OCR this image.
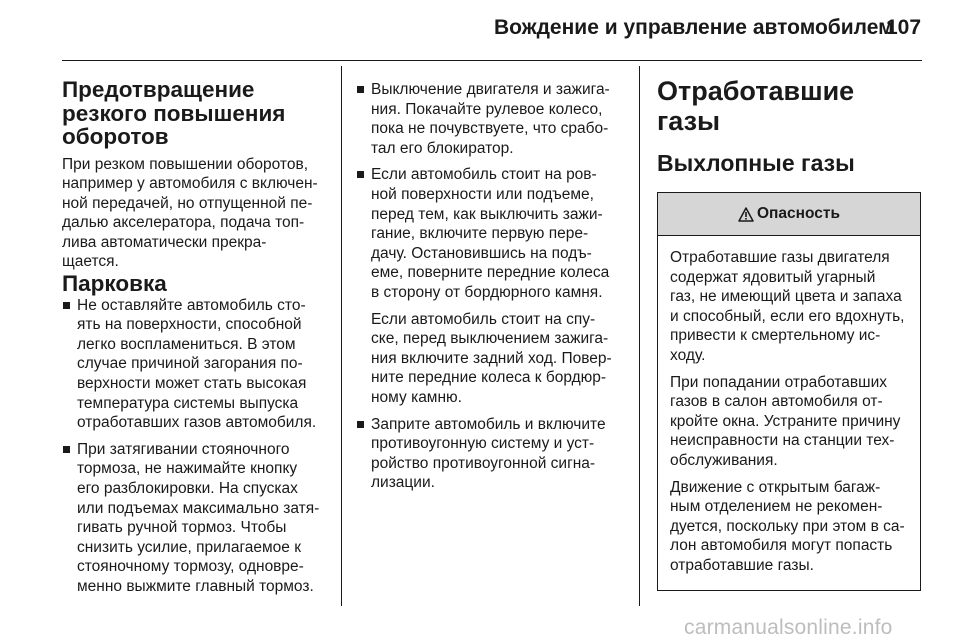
Вождение и управление автомобилем
107
Предотвращение
резкого повышения
оборотов

При резком повышении оборотов,
например у автомобиля с включен-
ной передачей, но отпущенной пе-
далью акселератора, подача топ-
лива автоматически прекра-
щается.

Парковка

Не оставляйте автомобиль сто-
ять на поверхности, способной
легко воспламениться. В этом
случае причиной загорания по-
верхности может стать высокая
температура системы выпуска
отработавших газов автомобиля.

При затягивании стояночного
тормоза, не нажимайте кнопку
его разблокировки. На спусках
или подъемах максимально затя-
гивать ручной тормоз. Чтобы
снизить усилие, прилагаемое к
стояночному тормозу, одновре-
менно выжмите главный тормоз.

Выключение двигателя и зажига-
ния. Покачайте рулевое колесо,
пока не почувствуете, что срабо-
тал его блокиратор.

Если автомобиль стоит на ров-
ной поверхности или подъеме,
перед тем, как выключить зажи-
гание, включите первую пере-
дачу. Остановившись на подъ-
еме, поверните передние колеса
в сторону от бордюрного камня.

Если автомобиль стоит на спу-
ске, перед выключением зажига-
ния включите задний ход. Повер-
ните передние колеса к бордюр-
ному камню.

Заприте автомобиль и включите
противоугонную систему и уст-
ройство противоугонной сигна-
лизации.

Отработавшие газы
Выхлопные газы
Опасность

Отработавшие газы двигателя
содержат ядовитый угарный
газ, не имеющий цвета и запаха
и способный, если его вдохнуть,
привести к смертельному ис-
ходу.

При попадании отработавших
газов в салон автомобиля от-
кройте окна. Устраните причину
неисправности на станции тех-
обслуживания.

Движение с открытым багаж-
ным отделением не рекомен-
дуется, поскольку при этом в са-
лон автомобиля могут попасть
отработавшие газы.

carmanualsonline.info
